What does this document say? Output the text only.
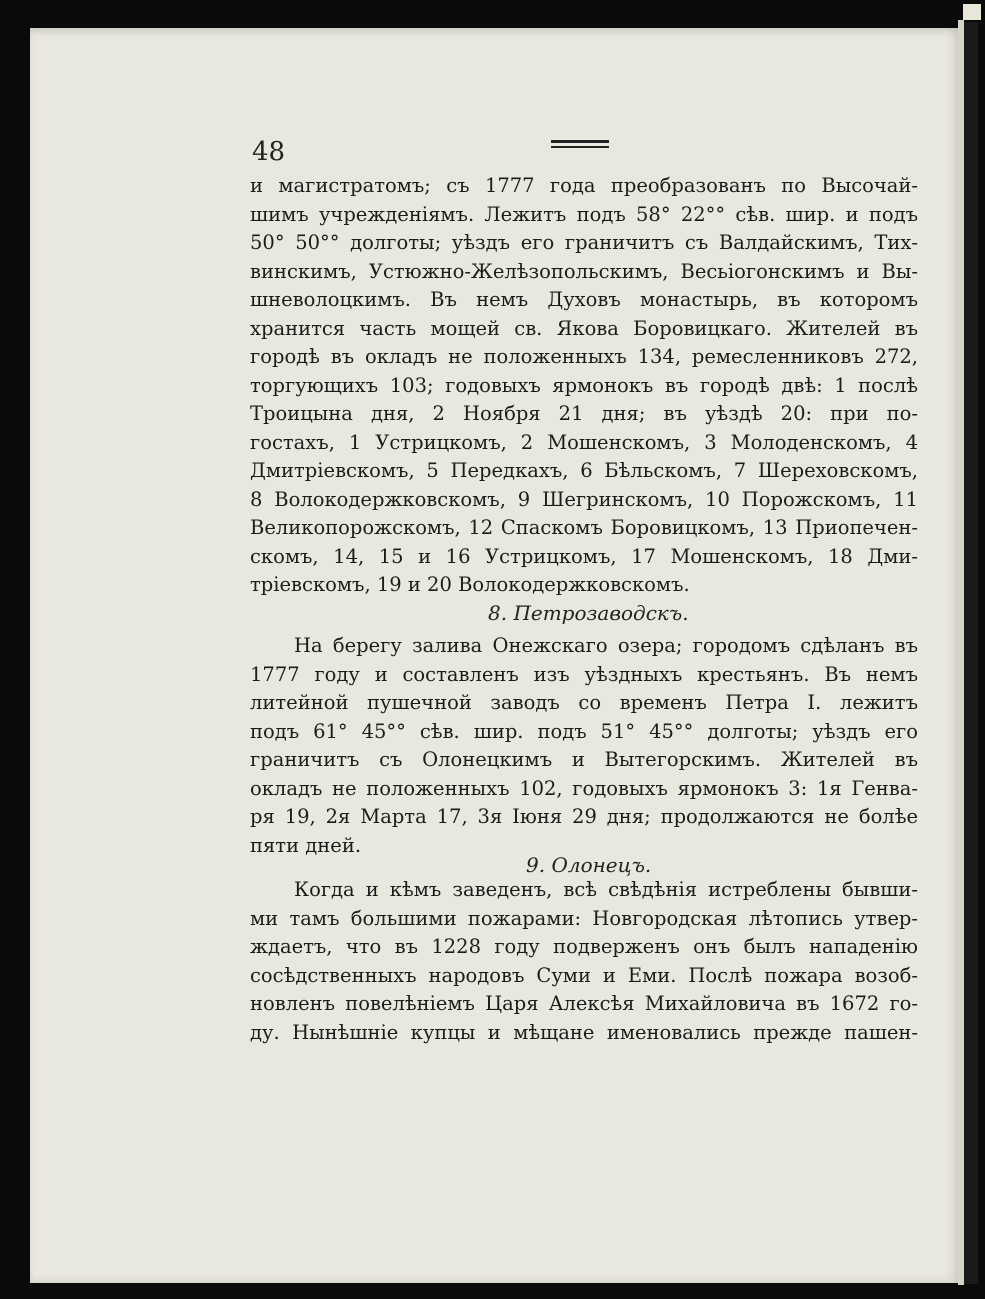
48
и магистратомъ; съ 1777 года преобразованъ по Высочай-
шимъ учрежденіямъ. Лежитъ подъ 58° 22°° сѣв. шир. и подъ
50° 50°° долготы; уѣздъ его граничитъ съ Валдайскимъ, Тих-
винскимъ, Устюжно-Желѣзопольскимъ, Весьіогонскимъ и Вы-
шневолоцкимъ. Въ немъ Духовъ монастырь, въ которомъ
хранится часть мощей св. Якова Боровицкаго. Жителей въ
городѣ въ окладъ не положенныхъ 134, ремесленниковъ 272,
торгующихъ 103; годовыхъ ярмонокъ въ городѣ двѣ: 1 послѣ
Троицына дня, 2 Ноября 21 дня; въ уѣздѣ 20: при по-
гостахъ, 1 Устрицкомъ, 2 Мошенскомъ, 3 Молоденскомъ, 4
Дмитріевскомъ, 5 Передкахъ, 6 Бѣльскомъ, 7 Шереховскомъ,
8 Волокодержковскомъ, 9 Шегринскомъ, 10 Порожскомъ, 11
Великопорожскомъ, 12 Спаскомъ Боровицкомъ, 13 Приопечен-
скомъ, 14, 15 и 16 Устрицкомъ, 17 Мошенскомъ, 18 Дми-
тріевскомъ, 19 и 20 Волокодержковскомъ.
8. Петрозаводскъ.
На берегу залива Онежскаго озера; городомъ сдѣланъ въ
1777 году и составленъ изъ уѣздныхъ крестьянъ. Въ немъ
литейной пушечной заводъ со временъ Петра I. лежитъ
подъ 61° 45°° сѣв. шир. подъ 51° 45°° долготы; уѣздъ его
граничитъ съ Олонецкимъ и Вытегорскимъ. Жителей въ
окладъ не положенныхъ 102, годовыхъ ярмонокъ 3: 1я Генва-
ря 19, 2я Марта 17, 3я Іюня 29 дня; продолжаются не болѣе
пяти дней.
9. Олонецъ.
Когда и кѣмъ заведенъ, всѣ свѣдѣнія истреблены бывши-
ми тамъ большими пожарами: Новгородская лѣтопись утвер-
ждаетъ, что въ 1228 году подверженъ онъ былъ нападенію
сосѣдственныхъ народовъ Суми и Еми. Послѣ пожара возоб-
новленъ повелѣніемъ Царя Алексѣя Михайловича въ 1672 го-
ду. Нынѣшніе купцы и мѣщане именовались прежде пашен-
